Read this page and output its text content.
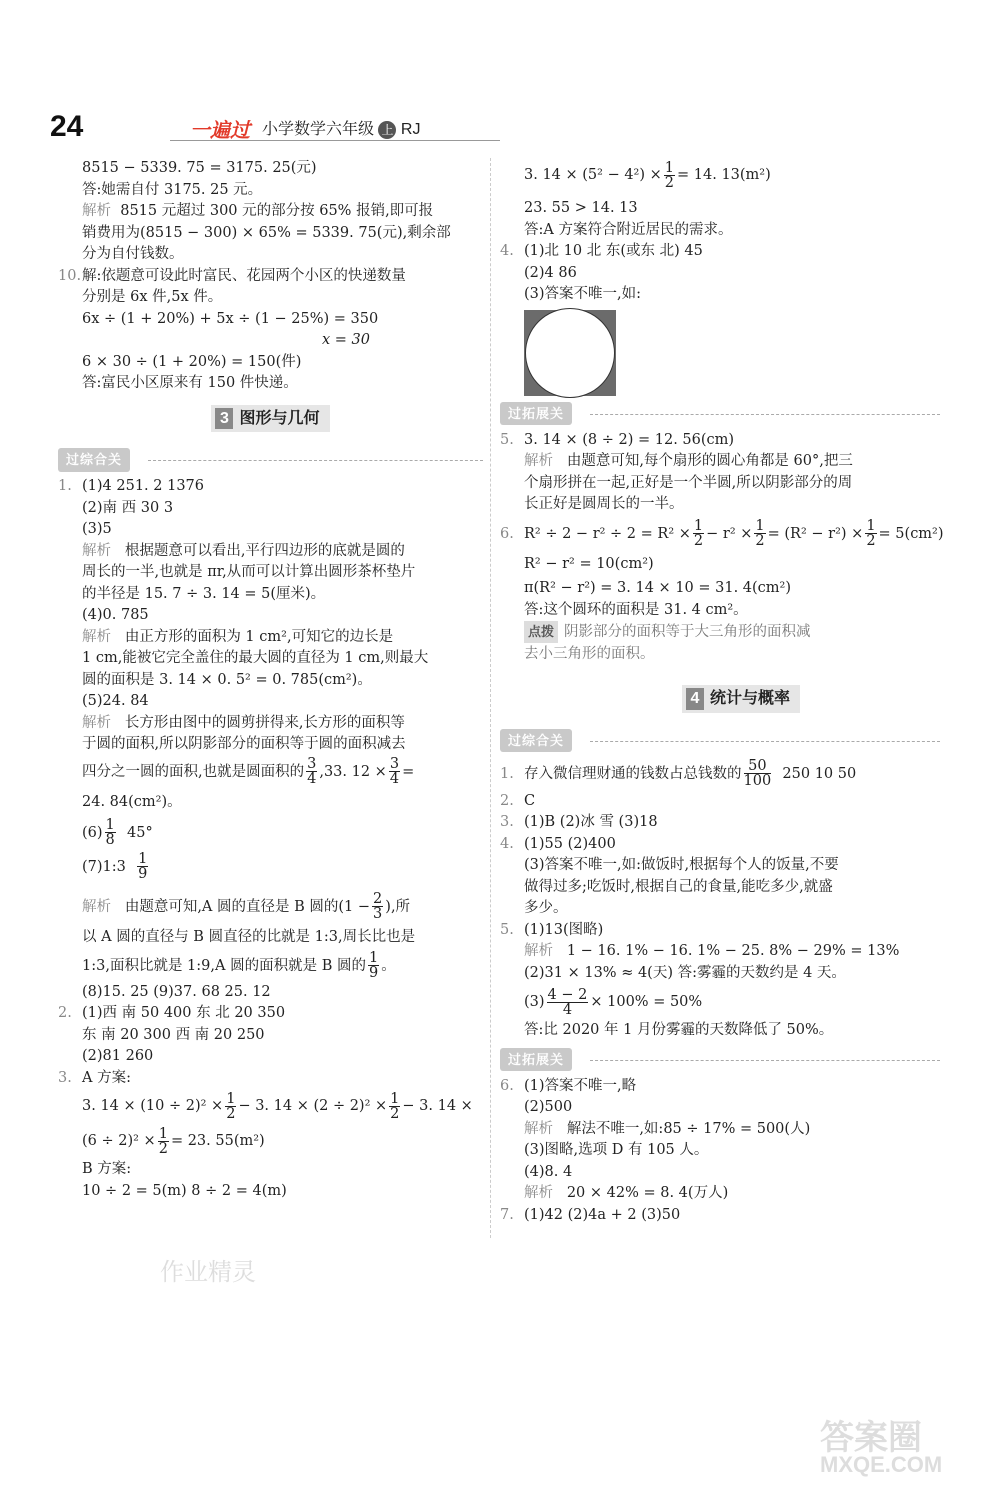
24	一遍过 小学数学六年级 上 RJ
8515 − 5339. 75 = 3175. 25(元)
答:她需自付 3175. 25 元。
解析 8515 元超过 300 元的部分按 65% 报销,即可报
销费用为(8515 − 300) × 65% = 5339. 75(元),剩余部
分为自付钱数。
10.解:依题意可设此时富民、花园两个小区的快递数量
分别是 6x 件,5x 件。
6x ÷ (1 + 20%) + 5x ÷ (1 − 25%) = 350
x = 30
6 × 30 ÷ (1 + 20%) = 150(件)
答:富民小区原来有 150 件快递。
3 图形与几何
过综合关
1. (1)4 251. 2 1376
(2)南 西 30 3
(3)5
解析 根据题意可以看出,平行四边形的底就是圆的
周长的一半,也就是 πr,从而可以计算出圆形茶杯垫片
的半径是 15. 7 ÷ 3. 14 = 5(厘米)。
(4)0. 785
解析 由正方形的面积为 1 cm²,可知它的边长是
1 cm,能被它完全盖住的最大圆的直径为 1 cm,则最大
圆的面积是 3. 14 × 0. 5² = 0. 785(cm²)。
(5)24. 84
解析 长方形由图中的圆剪拼得来,长方形的面积等
于圆的面积,所以阴影部分的面积等于圆的面积减去
四分之一圆的面积,也就是圆面积的 $\frac{3}{4} ,33$. $12 \times \frac{3}{4}$ =
24. 84(cm²)。
$(6) \frac{1}{8} 45^\circ$
(7)1:3 $\frac{1}{9}$
解析 由题意可知,A 圆的直径是 B 圆的($1 - \frac{2}{3}$ ),所
以 A 圆的直径与 B 圆直径的比就是 1:3,周长比也是
1:3,面积比就是 1:9,A 圆的面积就是 B 圆的 $\frac{1}{9}$ 。
(8)15. 25 (9)37. 68 25. 12
2. (1)西 南 50 400 东 北 20 350
东 南 20 300 西 南 20 250
(2)81 260
3. A 方案:
3. $14 \times (10 \div 2)^2 \times \frac{1}{2} - 3$. $14 \times (2 \div 2)^2 \times \frac{1}{2} - 3$. 14 ×
$(6 \div 2)^2 \times \frac{1}{2} = 23$. 55(m²)
B 方案:
10 ÷ 2 = 5(m) 8 ÷ 2 = 4(m)
3. $14 \times (5^2 - 4^2) \times \frac{1}{2} = 14$. 13(m²)
23. 55 > 14. 13
答:A 方案符合附近居民的需求。
4. (1)北 10 北 东(或东 北) 45
(2)4 86
(3)答案不唯一,如:
过拓展关
5. 3. 14 × (8 ÷ 2) = 12. 56(cm)
解析 由题意可知,每个扇形的圆心角都是 60°,把三
个扇形拼在一起,正好是一个半圆,所以阴影部分的周
长正好是圆周长的一半。
6. $R^2 \div 2 - r^2 \div 2 = R^2 \times \frac{1}{2} - r^2 \times \frac{1}{2} = (R^2 - r^2) \times \frac{1}{2} = 5(cm^2)$
R² − r² = 10(cm²)
π(R² − r²) = 3. 14 × 10 = 31. 4(cm²)
答:这个圆环的面积是 31. 4 cm²。
点拨 阴影部分的面积等于大三角形的面积减
去小三角形的面积。
4 统计与概率
过综合关
1. 存入微信理财通的钱数占总钱数的 $\frac{50}{100} 250$ 10 50
2. C
3. (1)B (2)冰 雪 (3)18
4. (1)55 (2)400
(3)答案不唯一,如:做饭时,根据每个人的饭量,不要
做得过多;吃饭时,根据自己的食量,能吃多少,就盛
多少。
5. (1)13(图略)
解析 1 − 16. 1% − 16. 1% − 25. 8% − 29% = 13%
(2)31 × 13% ≈ 4(天) 答:雾霾的天数约是 4 天。
$(3) \frac{4 - 2}{4} \times 100\% = 50\%$
答:比 2020 年 1 月份雾霾的天数降低了 50%。
过拓展关
6. (1)答案不唯一,略
(2)500
解析 解法不唯一,如:85 ÷ 17% = 500(人)
(3)图略,选项 D 有 105 人。
(4)8. 4
解析 20 × 42% = 8. 4(万人)
7. (1)42 (2)4a + 2 (3)50
作业精灵
答案圈
MXQE.COM
